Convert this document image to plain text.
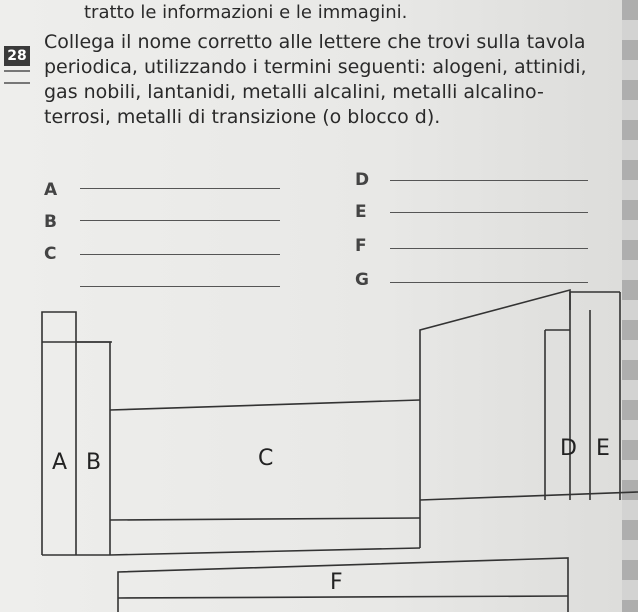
tratto le informazioni e le immagini.
28

Collega il nome corretto alle lettere che trovi sulla tavola periodica, utilizzando i termini seguenti: alogeni, attinidi, gas nobili, lantanidi, metalli alcalini, metalli alcalino-terrosi, metalli di transizione (o blocco d).

A
B
C
D
E
F
G
A B	C	D E
F
